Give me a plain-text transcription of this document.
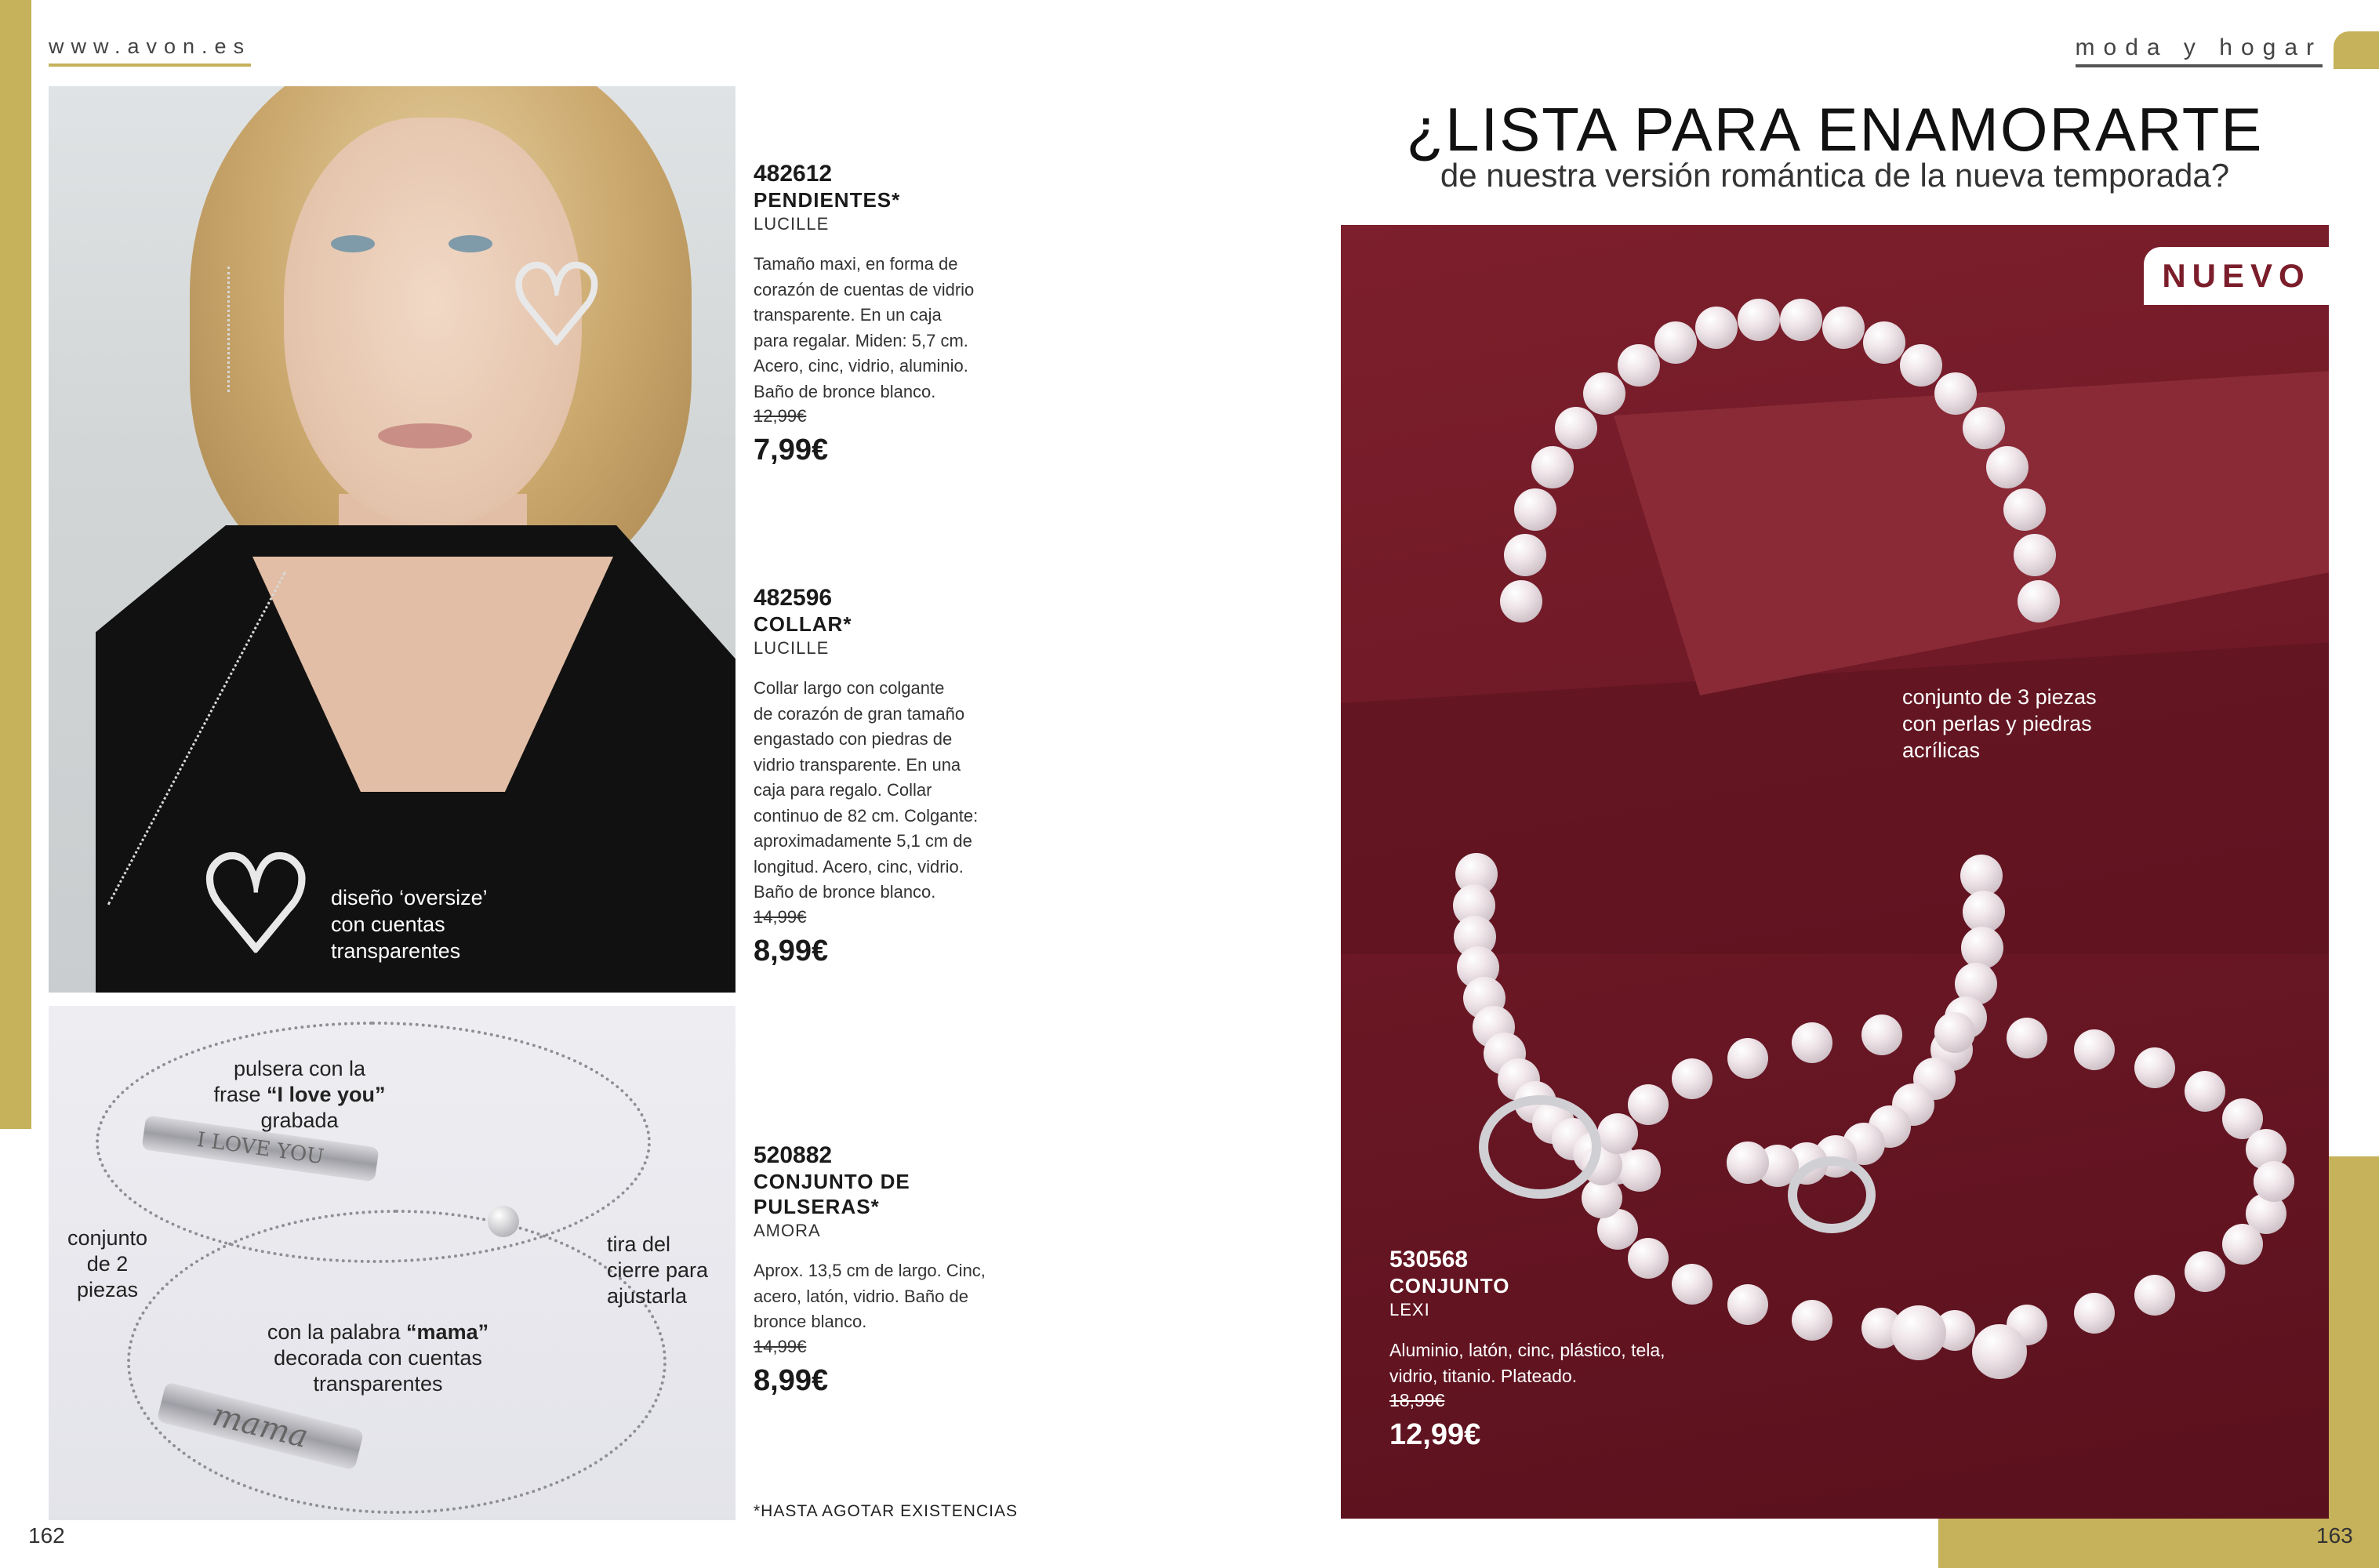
www.avon.es	moda y hogar
♡
♡ diseño ‘oversize’
con cuentas
transparentes
I LOVE YOU
mama
pulsera con la
frase “I love you”
grabada
conjunto
de 2
piezas
tira del
cierre para
ajustarla
con la palabra “mama”
decorada con cuentas
transparentes
482612
PENDIENTES*
LUCILLE
Tamaño maxi, en forma de
corazón de cuentas de vidrio
transparente. En un caja
para regalar. Miden: 5,7 cm.
Acero, cinc, vidrio, aluminio.
Baño de bronce blanco.
12,99€
7,99€
482596
COLLAR*
LUCILLE
Collar largo con colgante
de corazón de gran tamaño
engastado con piedras de
vidrio transparente. En una
caja para regalo. Collar
continuo de 82 cm. Colgante:
aproximadamente 5,1 cm de
longitud. Acero, cinc, vidrio.
Baño de bronce blanco.
14,99€
8,99€
520882
CONJUNTO DE
PULSERAS*
AMORA
Aprox. 13,5 cm de largo. Cinc,
acero, latón, vidrio. Baño de
bronce blanco.
14,99€
8,99€
*HASTA AGOTAR EXISTENCIAS
162
¿LISTA PARA ENAMORARTE
de nuestra versión romántica de la nueva temporada?
conjunto de 3 piezas
con perlas y piedras
acrílicas
NUEVO
530568
CONJUNTO
LEXI
Aluminio, latón, cinc, plástico, tela,
vidrio, titanio. Plateado.
18,99€
12,99€
163
